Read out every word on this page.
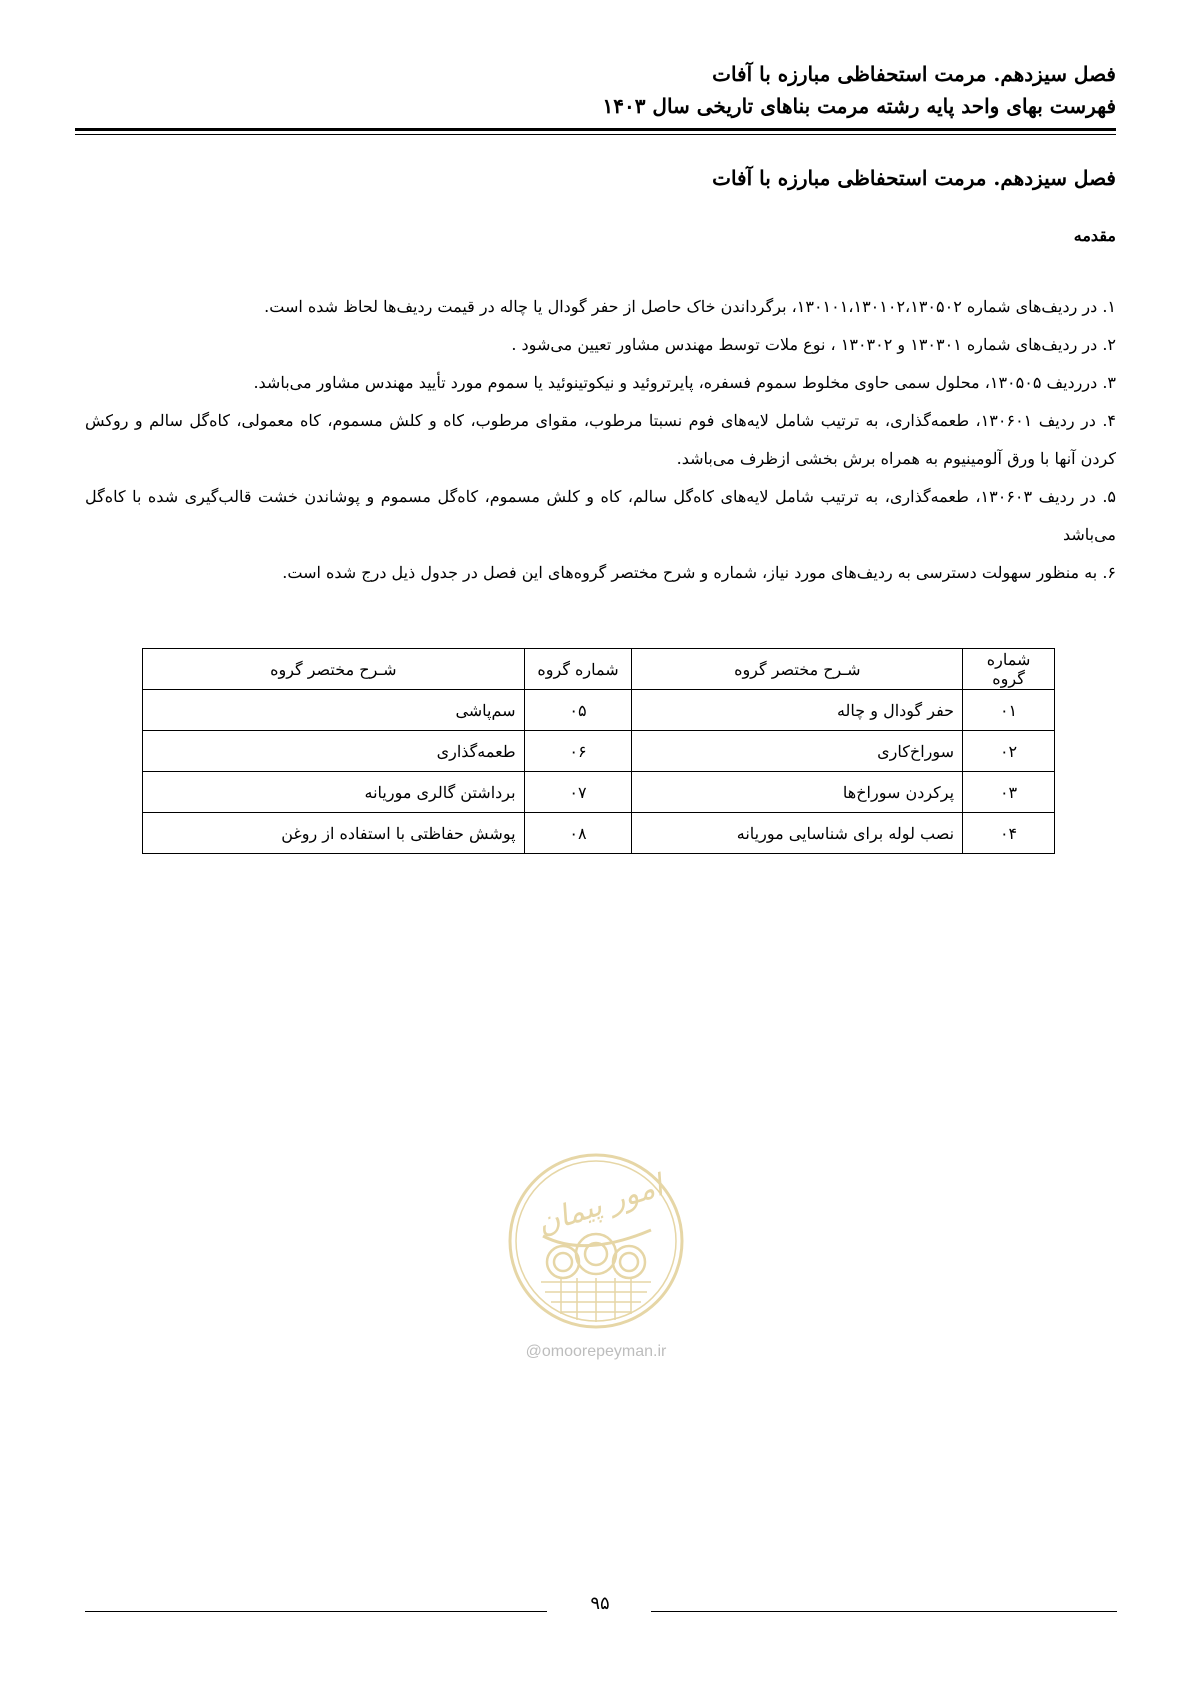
فصل سیزدهم. مرمت استحفاظی مبارزه با آفات
فهرست بهای واحد پایه رشته مرمت بناهای تاریخی سال ۱۴۰۳
فصل سیزدهم. مرمت استحفاظی مبارزه با آفات
مقدمه
۱. در ردیف‌های شماره ۱۳۰۱۰۱،۱۳۰۱۰۲،۱۳۰۵۰۲، برگرداندن خاک حاصل از حفر گودال یا چاله در قیمت ردیف‌ها لحاظ شده است.
۲. در ردیف‌های شماره ۱۳۰۳۰۱ و ۱۳۰۳۰۲ ، نوع ملات توسط مهندس مشاور تعیین می‌شود .
۳. درردیف ۱۳۰۵۰۵، محلول سمی حاوی مخلوط سموم فسفره، پایرتروئید و نیکوتینوئید یا سموم مورد تأیید مهندس مشاور می‌باشد.
۴. در ردیف ۱۳۰۶۰۱، طعمه‌گذاری، به ترتیب شامل لایه‌های فوم نسبتا مرطوب، مقوای مرطوب، کاه و کلش مسموم، کاه معمولی، کاه‌گل سالم و روکش کردن آنها با ورق آلومینیوم به همراه برش بخشی ازظرف می‌باشد.
۵. در ردیف ۱۳۰۶۰۳، طعمه‌گذاری، به ترتیب شامل لایه‌های کاه‌گل سالم، کاه و کلش مسموم، کاه‌گل مسموم و پوشاندن خشت قالب‌گیری شده با کاه‌گل می‌باشد
۶. به منظور سهولت دسترسی به ردیف‌های مورد نیاز، شماره و شرح مختصر گروه‌های این فصل در جدول ذیل درج شده است.
شماره گروه	شـرح مختصر گروه	شماره گروه	شـرح مختصر گروه
۰۱	حفر گودال و چاله	۰۵	سم‌پاشی
۰۲	سوراخ‌کاری	۰۶	طعمه‌گذاری
۰۳	پرکردن سوراخ‌ها	۰۷	برداشتن گالری موریانه
۰۴	نصب لوله برای شناسایی موریانه	۰۸	پوشش حفاظتی با استفاده از روغن
امور پیمان
@omoorepeyman.ir
۹۵
